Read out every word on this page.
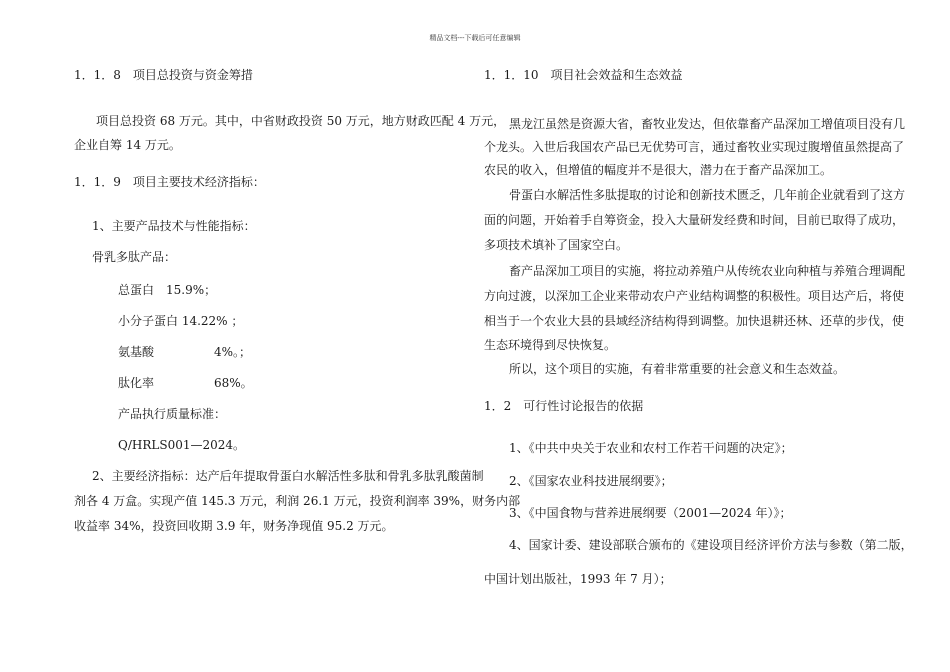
精品文档---下载后可任意编辑
1．1．8　项目总投资与资金筹措
项目总投资 68 万元。其中，中省财政投资 50 万元，地方财政匹配 4 万元，
企业自筹 14 万元。
1．1．9　项目主要技术经济指标：
1、主要产品技术与性能指标：
骨乳多肽产品：
总蛋白　15.9%；
小分子蛋白 14.22% ；
氨基酸　　　　　4%。；
肽化率　　　　　68%。
产品执行质量标准：
Q/HRLS001—2024。
2、主要经济指标：达产后年提取骨蛋白水解活性多肽和骨乳多肽乳酸菌制
剂各 4 万盒。实现产值 145.3 万元，利润 26.1 万元，投资利润率 39%，财务内部
收益率 34%，投资回收期 3.9 年，财务净现值 95.2 万元。
1．1．10　项目社会效益和生态效益
黑龙江虽然是资源大省，畜牧业发达，但依靠畜产品深加工增值项目没有几
个龙头。入世后我国农产品已无优势可言，通过畜牧业实现过腹增值虽然提高了
农民的收入，但增值的幅度并不是很大，潜力在于畜产品深加工。
骨蛋白水解活性多肽提取的讨论和创新技术匮乏，几年前企业就看到了这方
面的问题，开始着手自筹资金，投入大量研发经费和时间，目前已取得了成功，
多项技术填补了国家空白。
畜产品深加工项目的实施，将拉动养殖户从传统农业向种植与养殖合理调配
方向过渡，以深加工企业来带动农户产业结构调整的积极性。项目达产后，将使
相当于一个农业大县的县域经济结构得到调整。加快退耕还林、还草的步伐，使
生态环境得到尽快恢复。
所以，这个项目的实施，有着非常重要的社会意义和生态效益。
1．2　可行性讨论报告的依据
1、《中共中央关于农业和农村工作若干问题的决定》；
2、《国家农业科技进展纲要》；
3、《中国食物与营养进展纲要（2001—2024 年）》；
4、国家计委、建设部联合颁布的《建设项目经济评价方法与参数（第二版，
中国计划出版社，1993 年 7 月）；
